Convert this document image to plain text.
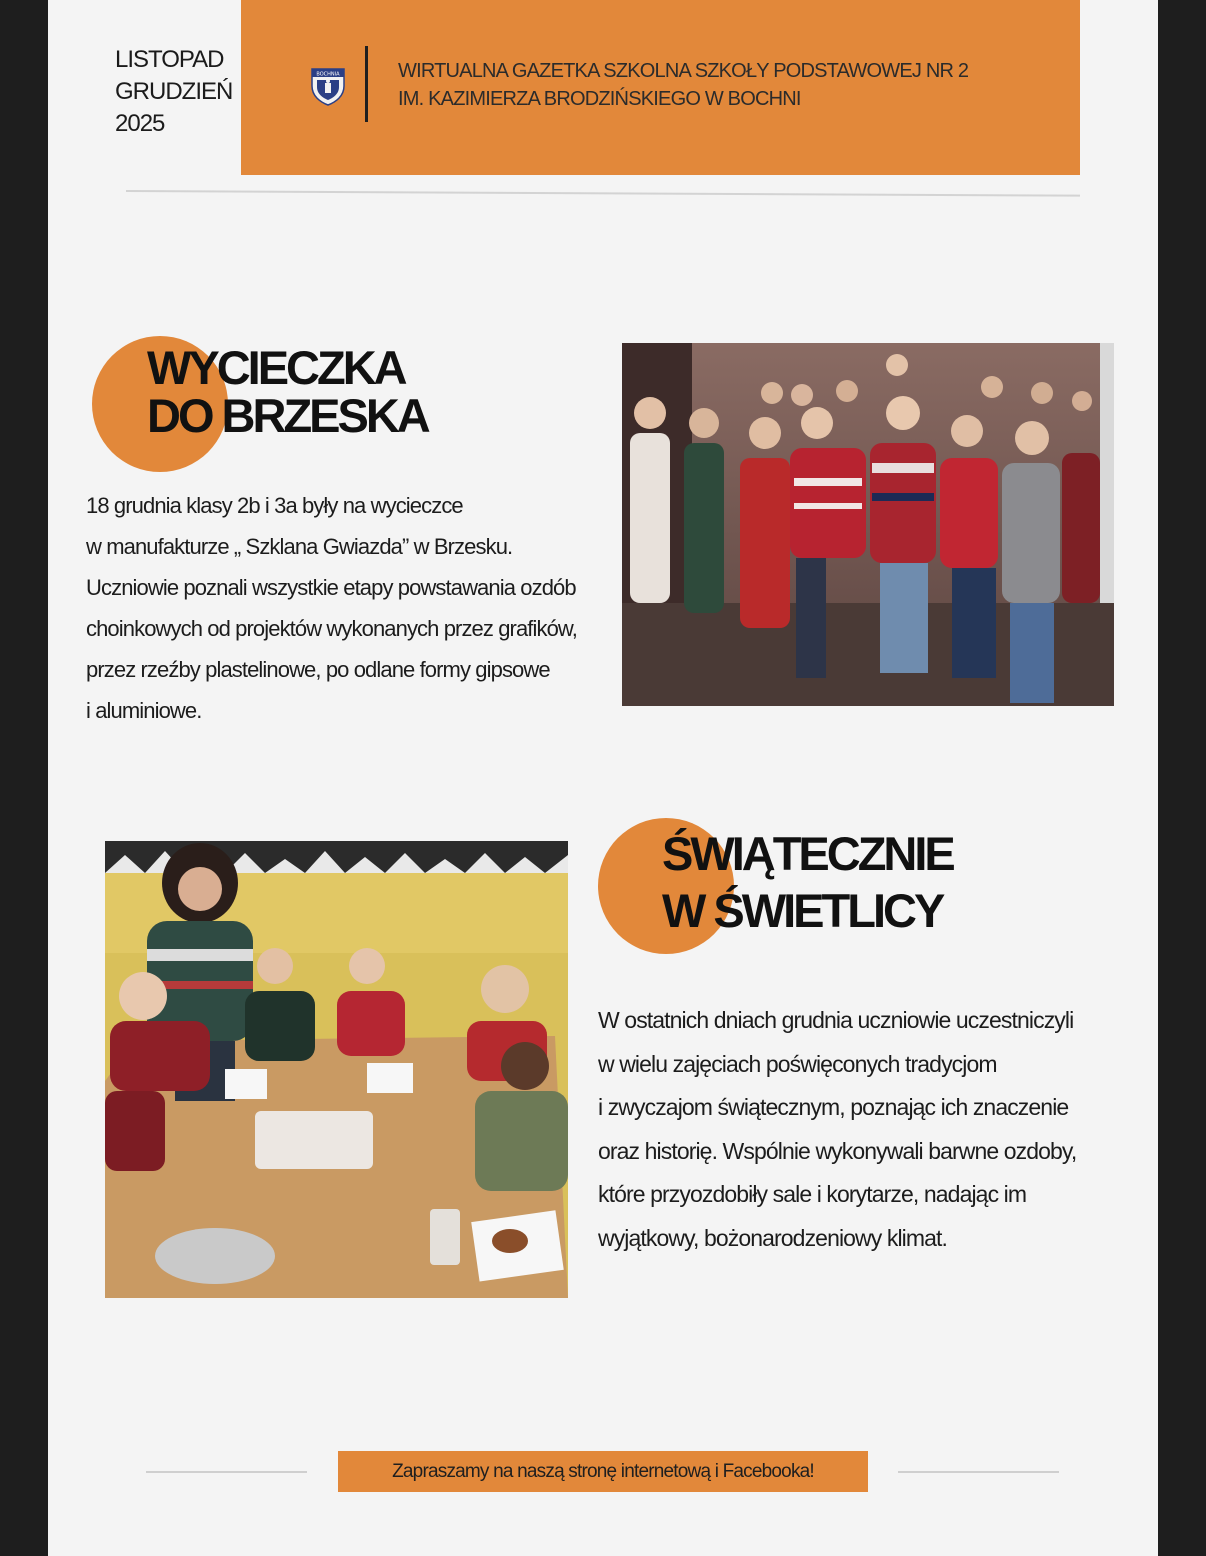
LISTOPAD
GRUDZIEŃ
2025
BOCHNIA	WIRTUALNA GAZETKA SZKOLNA SZKOŁY PODSTAWOWEJ NR 2
IM. KAZIMIERZA BRODZIŃSKIEGO W BOCHNI
WYCIECZKA
DO BRZESKA
18 grudnia klasy 2b i 3a były na wycieczce
w manufakturze „ Szklana Gwiazda” w Brzesku.
Uczniowie poznali wszystkie etapy powstawania ozdób
choinkowych od projektów wykonanych przez grafików,
przez rzeźby plastelinowe, po odlane formy gipsowe
i aluminiowe.
ŚWIĄTECZNIE
W ŚWIETLICY
W ostatnich dniach grudnia uczniowie uczestniczyli
w wielu zajęciach poświęconych tradycjom
i zwyczajom świątecznym, poznając ich znaczenie
oraz historię. Wspólnie wykonywali barwne ozdoby,
które przyozdobiły sale i korytarze, nadając im
wyjątkowy, bożonarodzeniowy klimat.
Zapraszamy na naszą stronę internetową i Facebooka!
